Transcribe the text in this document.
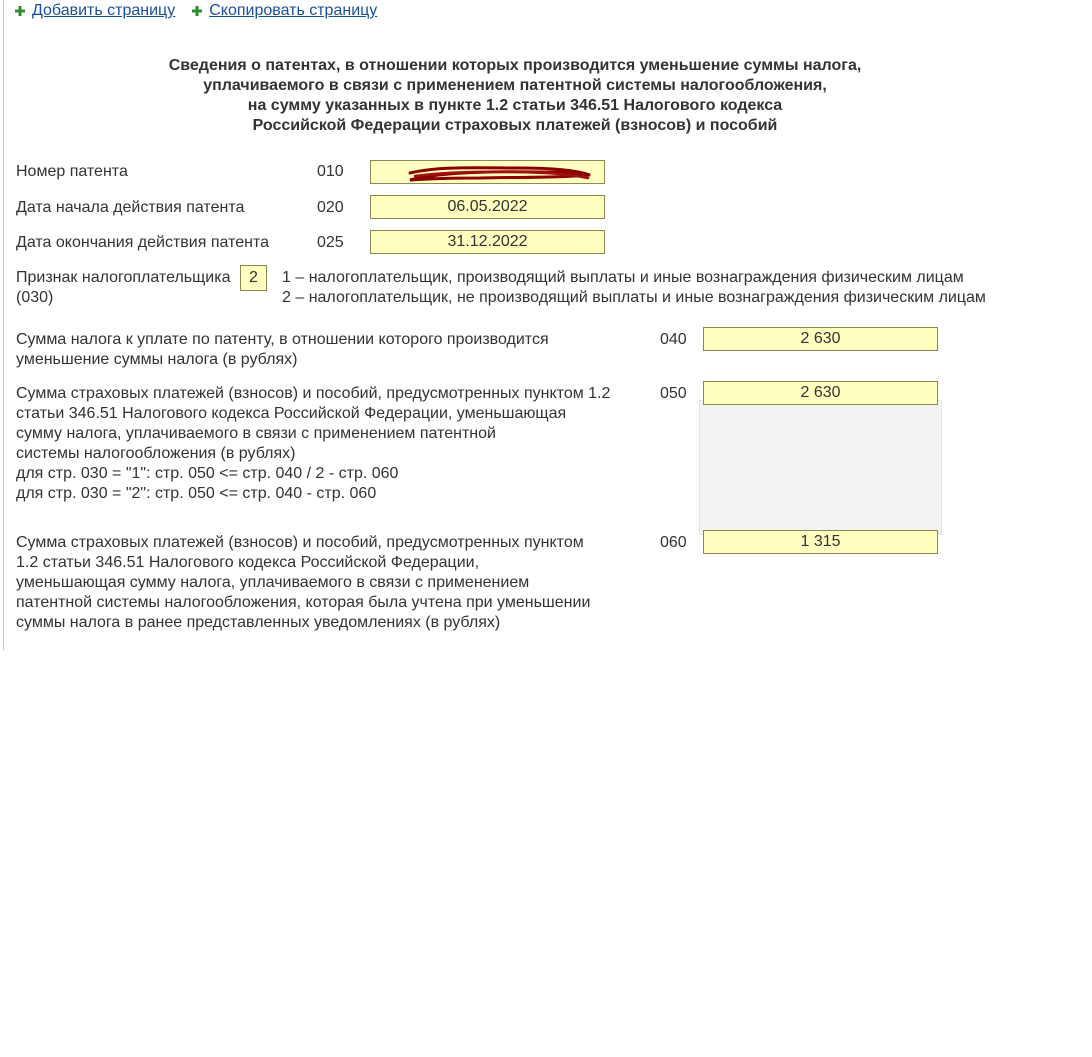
Добавить страницу Скопировать страницу
Сведения о патентах, в отношении которых производится уменьшение суммы налога,
уплачиваемого в связи с применением патентной системы налогообложения,
на сумму указанных в пункте 1.2 статьи 346.51 Налогового кодекса
Российской Федерации страховых платежей (взносов) и пособий
Номер патента	010
Дата начала действия патента	020	06.05.2022
Дата окончания действия патента	025	31.12.2022
Признак налогоплательщика
(030)
2	1 – налогоплательщик, производящий выплаты и иные вознаграждения физическим лицам
2 – налогоплательщик, не производящий выплаты и иные вознаграждения физическим лицам
Сумма налога к уплате по патенту, в отношении которого производится
уменьшение суммы налога (в рублях)
040	2 630
Сумма страховых платежей (взносов) и пособий, предусмотренных пунктом 1.2
статьи 346.51 Налогового кодекса Российской Федерации, уменьшающая
сумму налога, уплачиваемого в связи с применением патентной
системы налогообложения (в рублях)
для стр. 030 = "1": стр. 050 <= стр. 040 / 2 - стр. 060
для стр. 030 = "2": стр. 050 <= стр. 040 - стр. 060
050	2 630
Сумма страховых платежей (взносов) и пособий, предусмотренных пунктом
1.2 статьи 346.51 Налогового кодекса Российской Федерации,
уменьшающая сумму налога, уплачиваемого в связи с применением
патентной системы налогообложения, которая была учтена при уменьшении
суммы налога в ранее представленных уведомлениях (в рублях)
060	1 315
